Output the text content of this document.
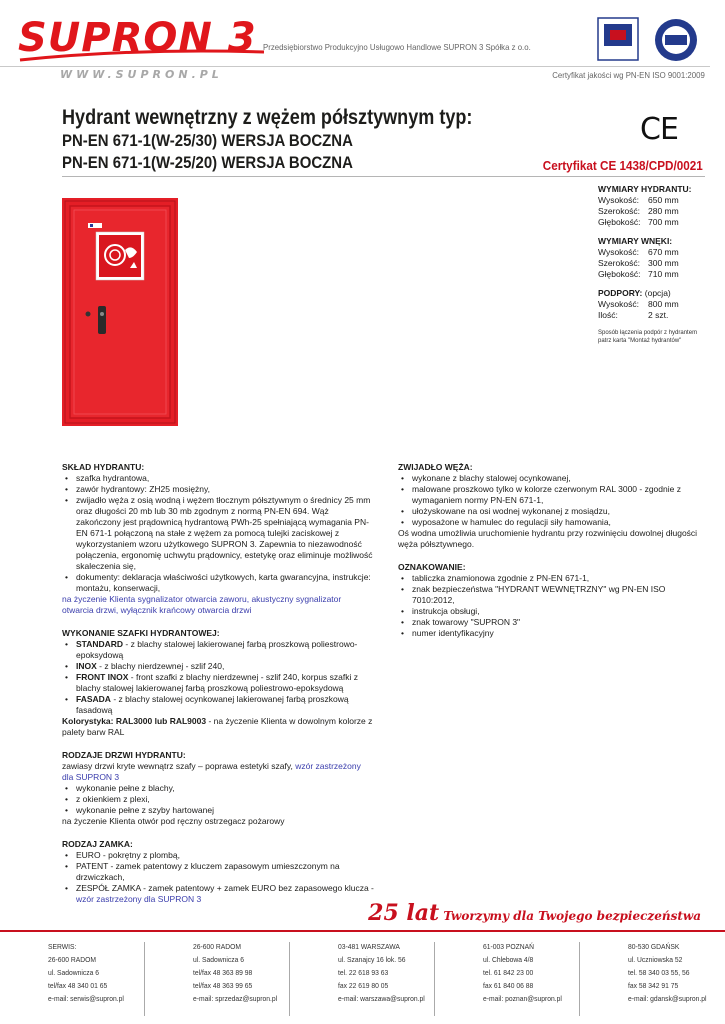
SUPRON 3
WWW.SUPRON.PL
Przedsiębiorstwo Produkcyjno Usługowo Handlowe SUPRON 3 Spółka z o.o.
Certyfikat jakości wg PN-EN ISO 9001:2009
Hydrant wewnętrzny z wężem półsztywnym typ:
PN-EN 671-1(W-25/30) WERSJA BOCZNA
PN-EN 671-1(W-25/20) WERSJA BOCZNA
CE
Certyfikat CE 1438/CPD/0021
WYMIARY HYDRANTU:
Wysokość:	650 mm
Szerokość: 280 mm
Głębokość: 700 mm
WYMIARY WNĘKI:
Wysokość:	670 mm
Szerokość: 300 mm
Głębokość: 710 mm
PODPORY: (opcja)
Wysokość:	800 mm
Ilość:	2 szt.
Sposób łączenia podpór z hydrantem
patrz karta "Montaż hydrantów"
SKŁAD HYDRANTU:
• szafka hydrantowa,
• zawór hydrantowy: ZH25 mosiężny,
• zwijadło węża z osią wodną i wężem tłocznym półsztywnym o średnicy 25 mm oraz długości 20 mb lub 30 mb zgodnym z normą PN-EN 694. Wąż zakończony jest prądownicą hydrantową PWh-25 spełniającą wymagania PN-EN 671-1 połączoną na stałe z wężem za pomocą tulejki zaciskowej z wykorzystaniem wzoru użytkowego SUPRON 3. Zapewnia to niezawodność połączenia, ergonomię uchwytu prądownicy, estetykę oraz eliminuje możliwość skaleczenia się,
• dokumenty: deklaracja właściwości użytkowych, karta gwarancyjna, instrukcje: montażu, konserwacji,
na życzenie Klienta sygnalizator otwarcia zaworu, akustyczny sygnalizator otwarcia drzwi, wyłącznik krańcowy otwarcia drzwi
WYKONANIE SZAFKI HYDRANTOWEJ:
• STANDARD - z blachy stalowej lakierowanej farbą proszkową poliestrowo-epoksydową
• INOX - z blachy nierdzewnej - szlif 240,
• FRONT INOX - front szafki z blachy nierdzewnej - szlif 240, korpus szafki z blachy stalowej lakierowanej farbą proszkową poliestrowo-epoksydową
• FASADA - z blachy stalowej ocynkowanej lakierowanej farbą proszkową fasadową
Kolorystyka: RAL3000 lub RAL9003 - na życzenie Klienta w dowolnym kolorze z palety barw RAL
RODZAJE DRZWI HYDRANTU:
zawiasy drzwi kryte wewnątrz szafy – poprawa estetyki szafy, wzór zastrzeżony dla SUPRON 3
• wykonanie pełne z blachy,
• z okienkiem z plexi,
• wykonanie pełne z szyby hartowanej
na życzenie Klienta otwór pod ręczny ostrzegacz pożarowy
RODZAJ ZAMKA:
• EURO - pokrętny z plombą,
• PATENT - zamek patentowy z kluczem zapasowym umieszczonym na drzwiczkach,
• ZESPÓŁ ZAMKA - zamek patentowy + zamek EURO bez zapasowego klucza -
wzór zastrzeżony dla SUPRON 3
ZWIJADŁO WĘŻA:
• wykonane z blachy stalowej ocynkowanej,
• malowane proszkowo tylko w kolorze czerwonym RAL 3000 - zgodnie z wymaganiem normy PN-EN 671-1,
• ułożyskowane na osi wodnej wykonanej z mosiądzu,
• wyposażone w hamulec do regulacji siły hamowania,
Oś wodna umożliwia uruchomienie hydrantu przy rozwinięciu dowolnej długości węża półsztywnego.
OZNAKOWANIE:
• tabliczka znamionowa zgodnie z PN-EN 671-1,
• znak bezpieczeństwa "HYDRANT WEWNĘTRZNY" wg PN-EN ISO 7010:2012,
• instrukcja obsługi,
• znak towarowy "SUPRON 3"
• numer identyfikacyjny
25 lat Tworzymy dla Twojego bezpieczeństwa
SERWIS:
26-600 RADOM
ul. Sadownicza 6
tel/fax 48 340 01 65
e-mail: serwis@supron.pl
26-600 RADOM
ul. Sadownicza 6
tel/fax 48 363 89 98
tel/fax 48 363 99 65
e-mail: sprzedaz@supron.pl
03-481 WARSZAWA
ul. Szanajcy 16 lok. 56
tel. 22 618 93 63
fax 22 619 80 05
e-mail: warszawa@supron.pl
61-003 POZNAŃ
ul. Chlebowa 4/8
tel. 61 842 23 00
fax 61 840 06 88
e-mail: poznan@supron.pl
80-530 GDAŃSK
ul. Uczniowska 52
tel. 58 340 03 55, 56
fax 58 342 91 75
e-mail: gdansk@supron.pl
